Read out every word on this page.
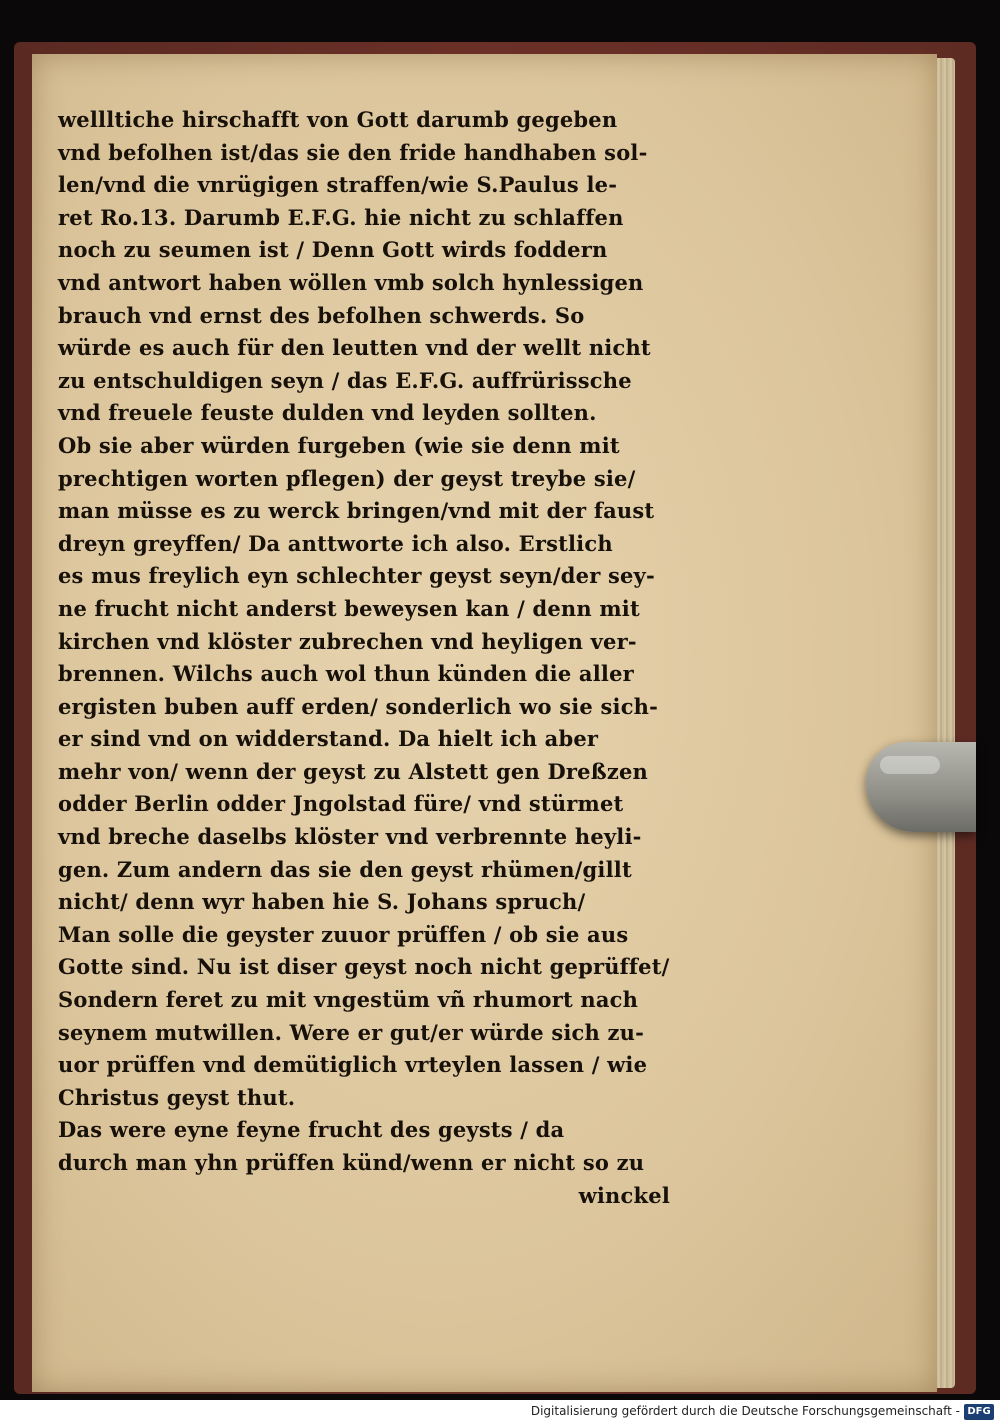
wellltiche hirschafft von Gott darumb gegeben
vnd befolhen ist/das sie den fride handhaben sol-
len/vnd die vnrügigen straffen/wie S.Paulus le-
ret Ro.13. Darumb E.F.G. hie nicht zu schlaffen
noch zu seumen ist / Denn Gott wirds foddern
vnd antwort haben wöllen vmb solch hynlessigen
brauch vnd ernst des befolhen schwerds. So
würde es auch für den leutten vnd der wellt nicht
zu entschuldigen seyn / das E.F.G. auffrürissche
vnd freuele feuste dulden vnd leyden sollten.
Ob sie aber würden furgeben (wie sie denn mit
prechtigen worten pflegen) der geyst treybe sie/
man müsse es zu werck bringen/vnd mit der faust
dreyn greyffen/ Da anttworte ich also. Erstlich
es mus freylich eyn schlechter geyst seyn/der sey-
ne frucht nicht anderst beweysen kan / denn mit
kirchen vnd klöster zubrechen vnd heyligen ver-
brennen. Wilchs auch wol thun künden die aller
ergisten buben auff erden/ sonderlich wo sie sich-
er sind vnd on widderstand. Da hielt ich aber
mehr von/ wenn der geyst zu Alstett gen Dreßzen
odder Berlin odder Jngolstad füre/ vnd stürmet
vnd breche daselbs klöster vnd verbrennte heyli-
gen. Zum andern das sie den geyst rhümen/gillt
nicht/ denn wyr haben hie S. Johans spruch/
Man solle die geyster zuuor prüffen / ob sie aus
Gotte sind. Nu ist diser geyst noch nicht geprüffet/
Sondern feret zu mit vngestüm vñ rhumort nach
seynem mutwillen. Were er gut/er würde sich zu-
uor prüffen vnd demütiglich vrteylen lassen / wie
Christus geyst thut.
Das were eyne feyne frucht des geysts / da
durch man yhn prüffen künd/wenn er nicht so zu
winckel
Digitalisierung gefördert durch die Deutsche Forschungsgemeinschaft - DFG
